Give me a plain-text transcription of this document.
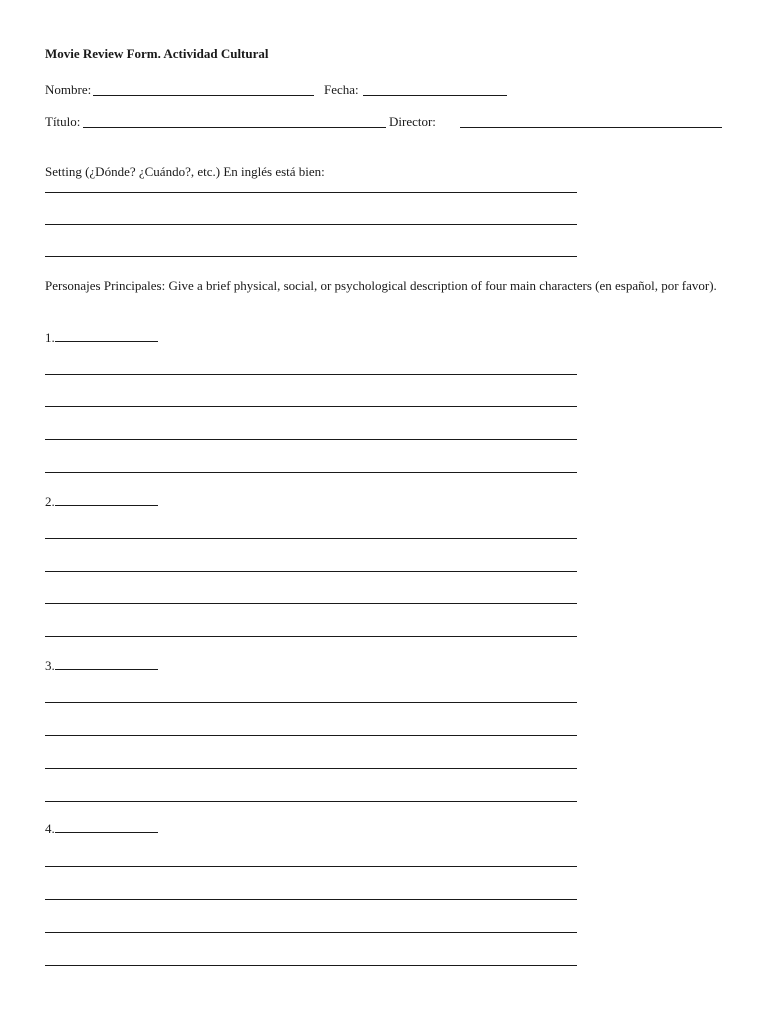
Movie Review Form. Actividad Cultural
Nombre:	Fecha:
Título:	Director:
Setting (¿Dónde? ¿Cuándo?, etc.) En inglés está bien:
Personajes Principales: Give a brief physical, social, or psychological description of four main characters (en español, por favor).
1.
2.
3.
4.
